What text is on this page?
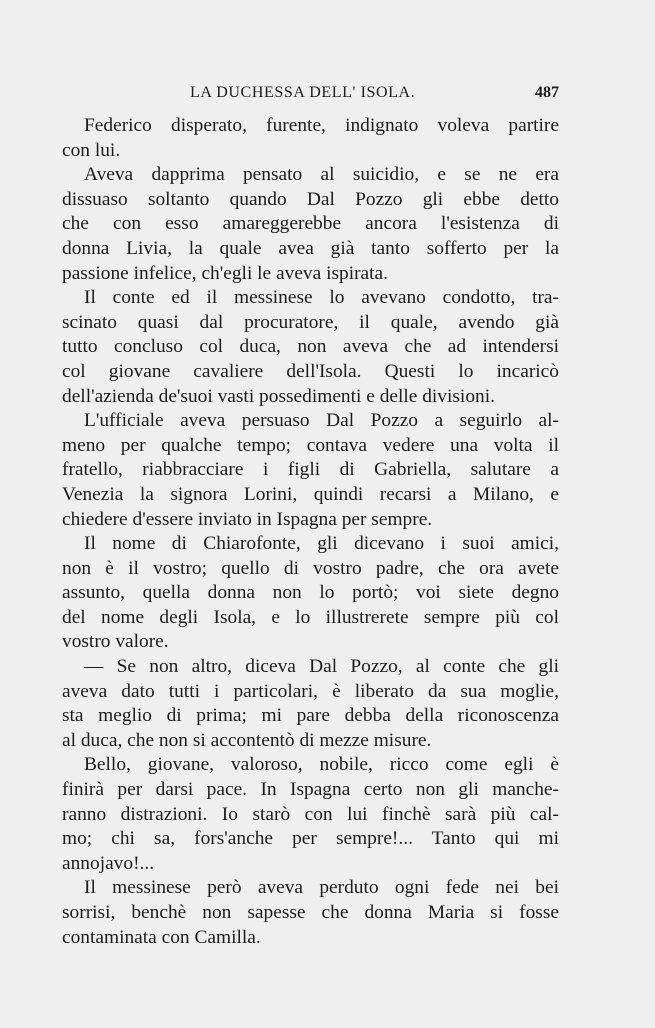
LA DUCHESSA DELL' ISOLA.	487
Federico disperato, furente, indignato voleva partire
con lui.
Aveva dapprima pensato al suicidio, e se ne era
dissuaso soltanto quando Dal Pozzo gli ebbe detto
che con esso amareggerebbe ancora l'esistenza di
donna Livia, la quale avea già tanto sofferto per la
passione infelice, ch'egli le aveva ispirata.
Il conte ed il messinese lo avevano condotto, tra-
scinato quasi dal procuratore, il quale, avendo già
tutto concluso col duca, non aveva che ad intendersi
col giovane cavaliere dell'Isola. Questi lo incaricò
dell'azienda de'suoi vasti possedimenti e delle divisioni.
L'ufficiale aveva persuaso Dal Pozzo a seguirlo al-
meno per qualche tempo; contava vedere una volta il
fratello, riabbracciare i figli di Gabriella, salutare a
Venezia la signora Lorini, quindi recarsi a Milano, e
chiedere d'essere inviato in Ispagna per sempre.
Il nome di Chiarofonte, gli dicevano i suoi amici,
non è il vostro; quello di vostro padre, che ora avete
assunto, quella donna non lo portò; voi siete degno
del nome degli Isola, e lo illustrerete sempre più col
vostro valore.
— Se non altro, diceva Dal Pozzo, al conte che gli
aveva dato tutti i particolari, è liberato da sua moglie,
sta meglio di prima; mi pare debba della riconoscenza
al duca, che non si accontentò di mezze misure.
Bello, giovane, valoroso, nobile, ricco come egli è
finirà per darsi pace. In Ispagna certo non gli manche-
ranno distrazioni. Io starò con lui finchè sarà più cal-
mo; chi sa, fors'anche per sempre!... Tanto qui mi
annojavo!...
Il messinese però aveva perduto ogni fede nei bei
sorrisi, benchè non sapesse che donna Maria si fosse
contaminata con Camilla.
